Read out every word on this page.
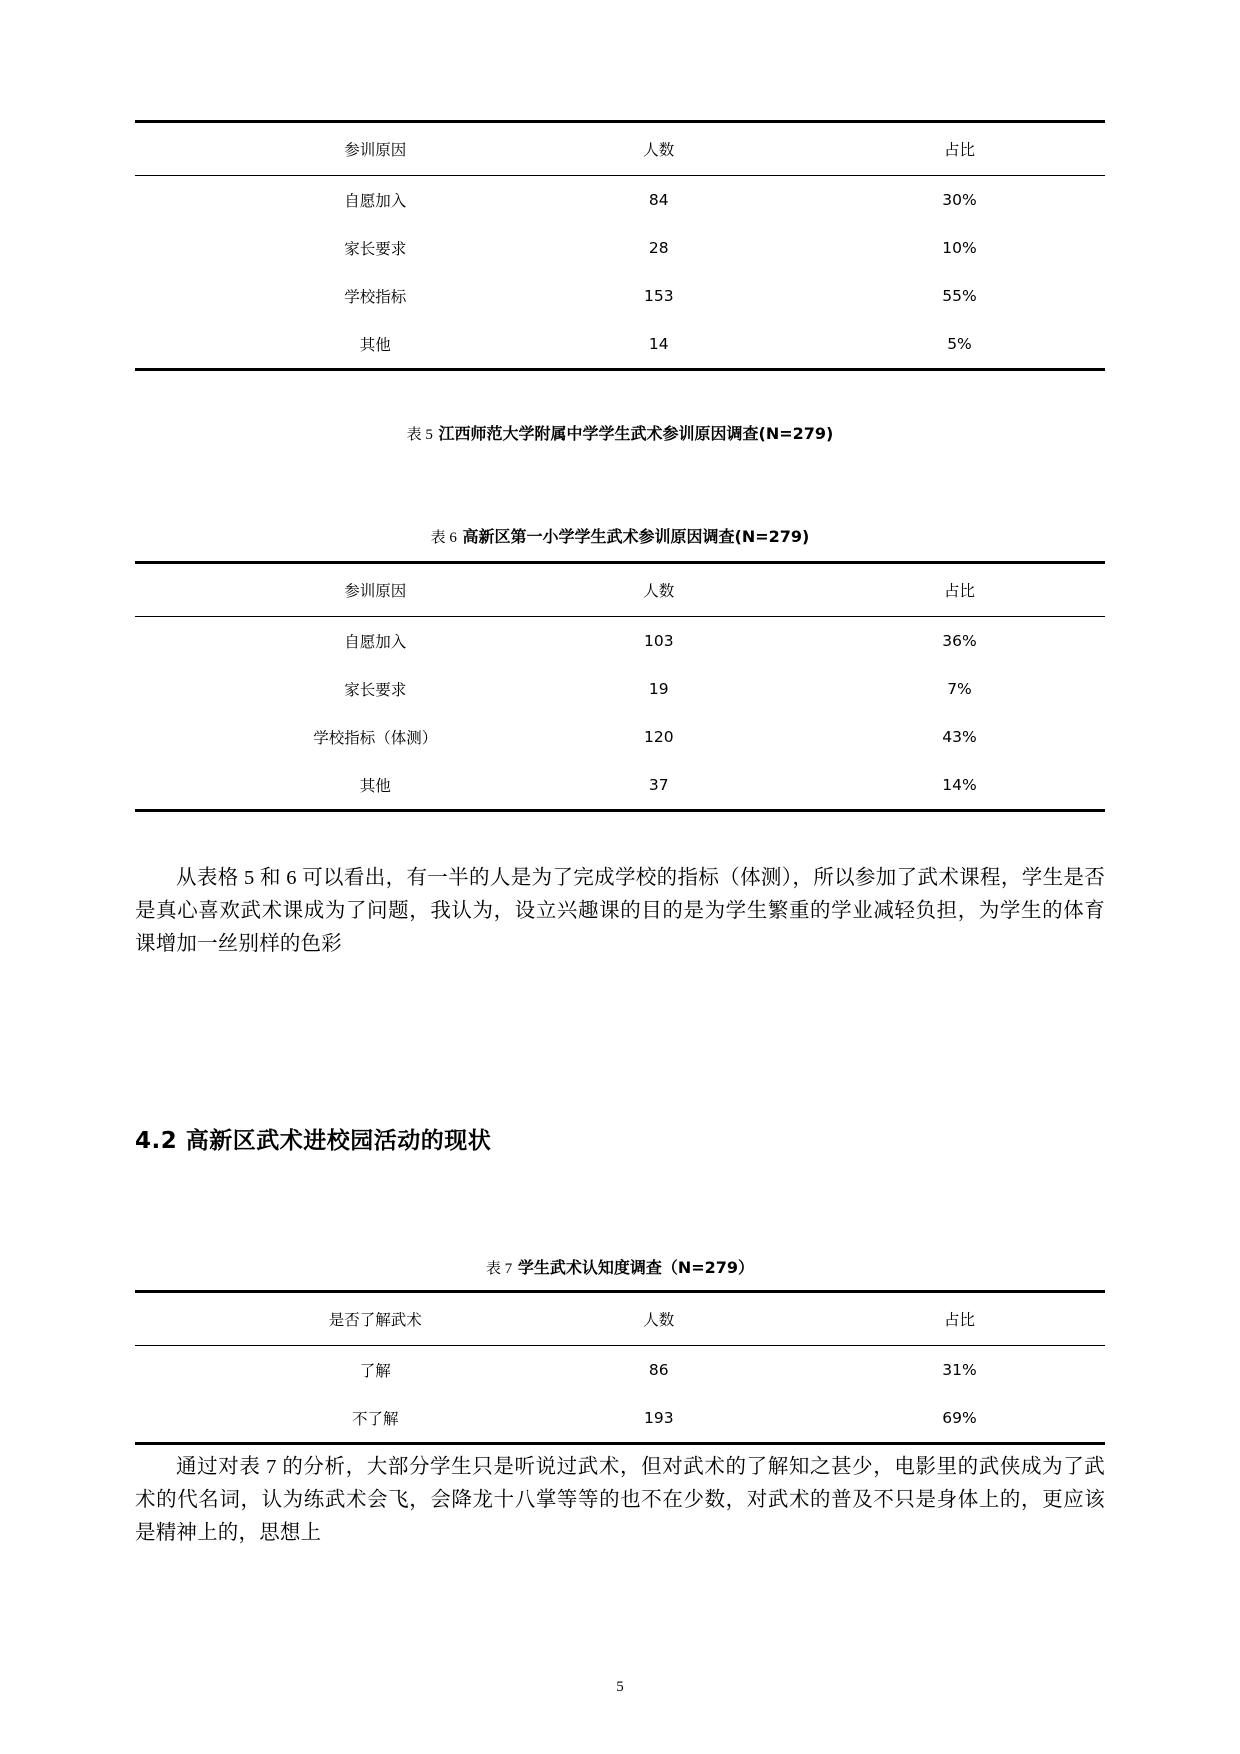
参训原因	人数	占比
自愿加入	84	30%
家长要求	28	10%
学校指标	153	55%
其他	14	5%

表 5 江西师范大学附属中学学生武术参训原因调查(N=279)

表 6 高新区第一小学学生武术参训原因调查(N=279)

参训原因	人数	占比
自愿加入	103	36%
家长要求	19	7%
学校指标（体测）	120	43%
其他	37	14%

从表格 5 和 6 可以看出，有一半的人是为了完成学校的指标（体测），所以参加了武术课程，学生是否是真心喜欢武术课成为了问题，我认为，设立兴趣课的目的是为学生繁重的学业减轻负担，为学生的体育课增加一丝别样的色彩

4.2 高新区武术进校园活动的现状

表 7 学生武术认知度调查（N=279）

是否了解武术	人数	占比
了解	86	31%
不了解	193	69%

通过对表 7 的分析，大部分学生只是听说过武术，但对武术的了解知之甚少，电影里的武侠成为了武术的代名词，认为练武术会飞，会降龙十八掌等等的也不在少数，对武术的普及不只是身体上的，更应该是精神上的，思想上

5
